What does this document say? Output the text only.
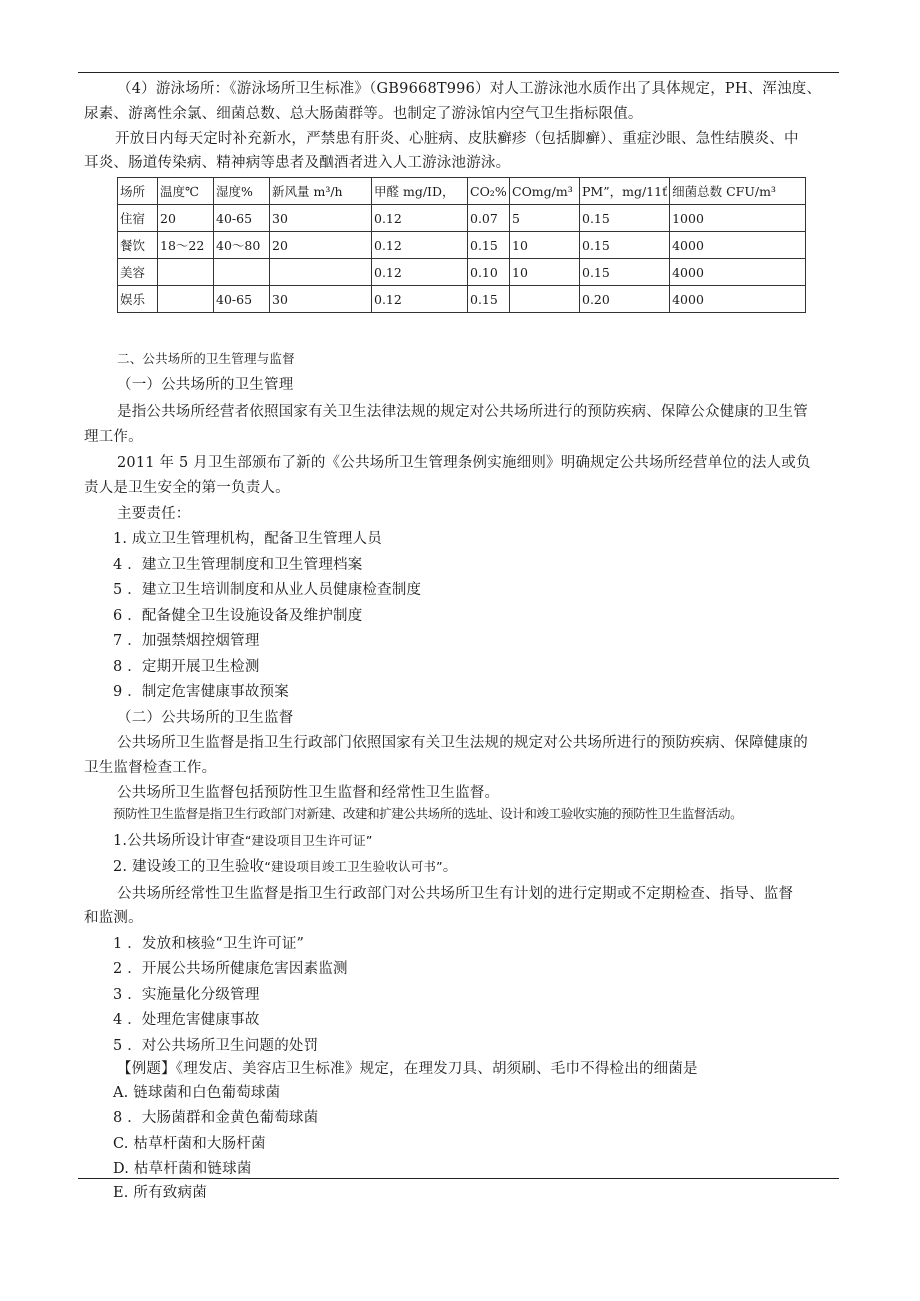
（4）游泳场所：《游泳场所卫生标准》（GB9668T996）对人工游泳池水质作出了具体规定，PH、浑浊度、
尿素、游离性余氯、细菌总数、总大肠菌群等。也制定了游泳馆内空气卫生指标限值。
开放日内每天定时补充新水，严禁患有肝炎、心脏病、皮肤癣疹（包括脚癣）、重症沙眼、急性结膜炎、中
耳炎、肠道传染病、精神病等患者及酗酒者进入人工游泳池游泳。
场所	温度℃	湿度%	新风量 m³/h	甲醛 mg/ID，	CO₂%	COmg/m³	PM”，mg/11ť	细菌总数 CFU/m³
住宿	20	40-65	30	0.12	0.07	5	0.15	1000
餐饮	18～22	40～80	20	0.12	0.15	10	0.15	4000
美容				0.12	0.10	10	0.15	4000
娱乐		40-65	30	0.12	0.15		0.20	4000
二、公共场所的卫生管理与监督
（一）公共场所的卫生管理
是指公共场所经营者依照国家有关卫生法律法规的规定对公共场所进行的预防疾病、保障公众健康的卫生管
理工作。
2011 年 5 月卫生部颁布了新的《公共场所卫生管理条例实施细则》明确规定公共场所经营单位的法人或负
责人是卫生安全的第一负责人。
主要责任：
1. 成立卫生管理机构，配备卫生管理人员
4 ．建立卫生管理制度和卫生管理档案
5 ．建立卫生培训制度和从业人员健康检查制度
6 ．配备健全卫生设施设备及维护制度
7 ．加强禁烟控烟管理
8 ．定期开展卫生检测
9 ．制定危害健康事故预案
（二）公共场所的卫生监督
公共场所卫生监督是指卫生行政部门依照国家有关卫生法规的规定对公共场所进行的预防疾病、保障健康的
卫生监督检查工作。
公共场所卫生监督包括预防性卫生监督和经常性卫生监督。
预防性卫生监督是指卫生行政部门对新建、改建和扩建公共场所的选址、设计和竣工验收实施的预防性卫生监督活动。
1.公共场所设计审查“建设项目卫生许可证”
2. 建设竣工的卫生验收“建设项目竣工卫生验收认可书”。
公共场所经常性卫生监督是指卫生行政部门对公共场所卫生有计划的进行定期或不定期检查、指导、监督
和监测。
1 ．发放和核验“卫生许可证”
2 ．开展公共场所健康危害因素监测
3 ．实施量化分级管理
4 ．处理危害健康事故
5 ．对公共场所卫生问题的处罚
【例题】《理发店、美容店卫生标准》规定，在理发刀具、胡须刷、毛巾不得检出的细菌是
A. 链球菌和白色葡萄球菌
8 ．大肠菌群和金黄色葡萄球菌
C. 枯草杆菌和大肠杆菌
D. 枯草杆菌和链球菌
E. 所有致病菌
